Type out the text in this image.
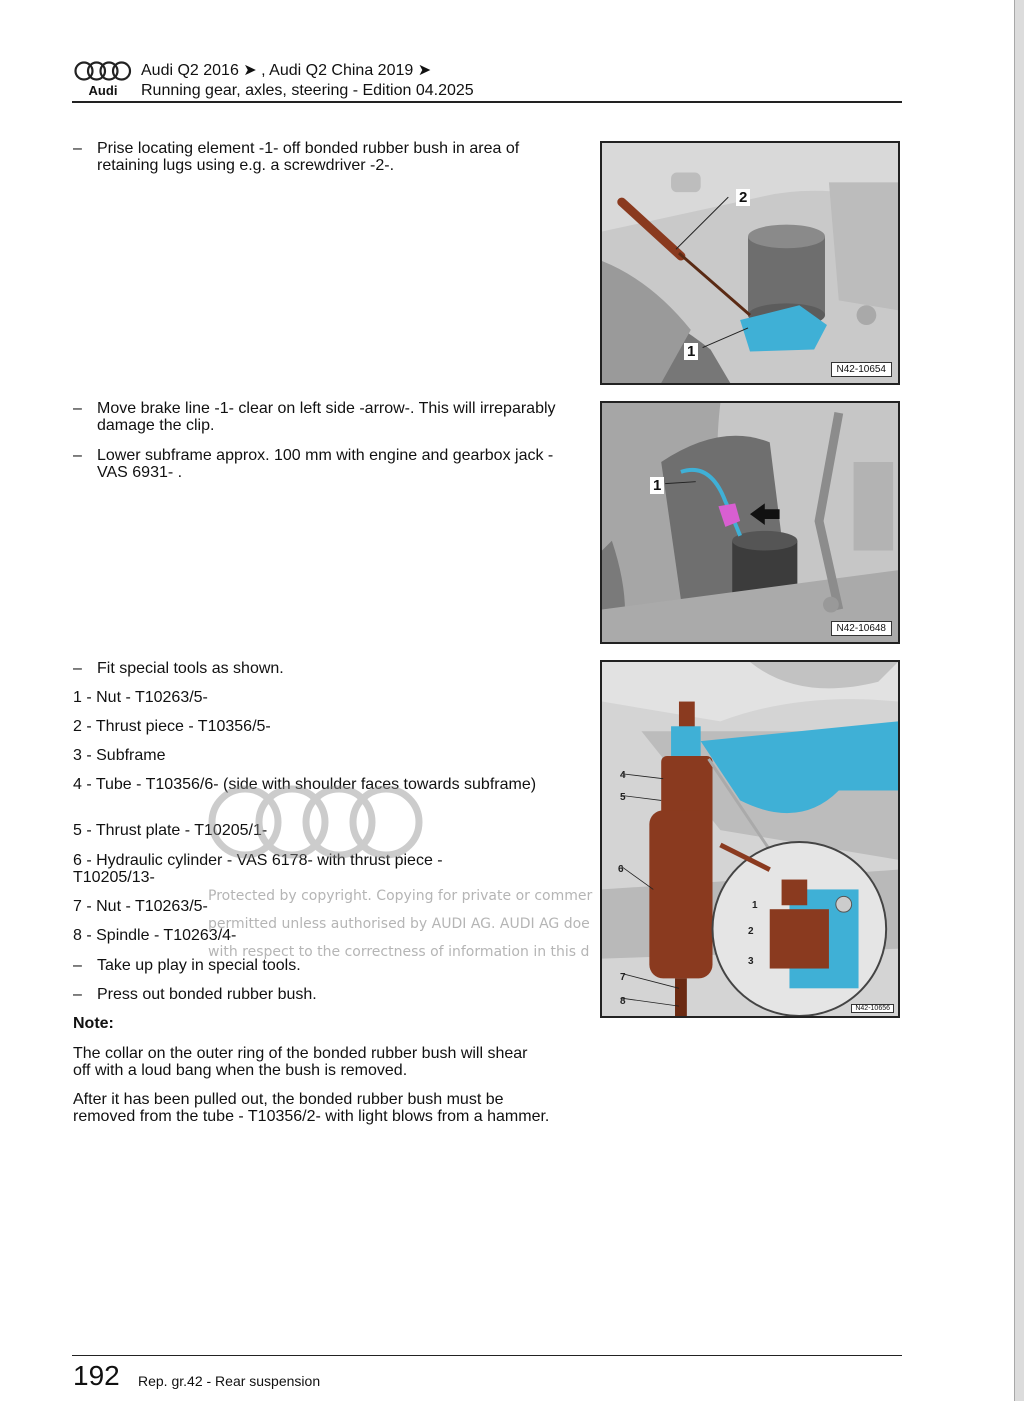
Audi
Audi Q2 2016 ➤ , Audi Q2 China 2019 ➤
Running gear, axles, steering - Edition 04.2025
– Prise locating element -1- off bonded rubber bush in area of retaining lugs using e.g. a screwdriver -2-.
2
1
N42-10654
– Move brake line -1- clear on left side -arrow-. This will irreparably damage the clip.
– Lower subframe approx. 100 mm with engine and gearbox jack - VAS 6931- .
1
N42-10648
– Fit special tools as shown.
1 - Nut - T10263/5-
2 - Thrust piece - T10356/5-
3 - Subframe
4 - Tube - T10356/6- (side with shoulder faces towards subframe)
5 - Thrust plate - T10205/1-
6 - Hydraulic cylinder - VAS 6178- with thrust piece - T10205/13-
7 - Nut - T10263/5-
8 - Spindle - T10263/4-
– Take up play in special tools.
– Press out bonded rubber bush.
Note:
The collar on the outer ring of the bonded rubber bush will shear off with a loud bang when the bush is removed.
After it has been pulled out, the bonded rubber bush must be removed from the tube - T10356/2- with light blows from a hammer.
4
5
6
1
2
3
7
8
N42-10656
Protected by copyright. Copying for private or commer
permitted unless authorised by AUDI AG. AUDI AG doe
with respect to the correctness of information in this d
192 Rep. gr.42 - Rear suspension
